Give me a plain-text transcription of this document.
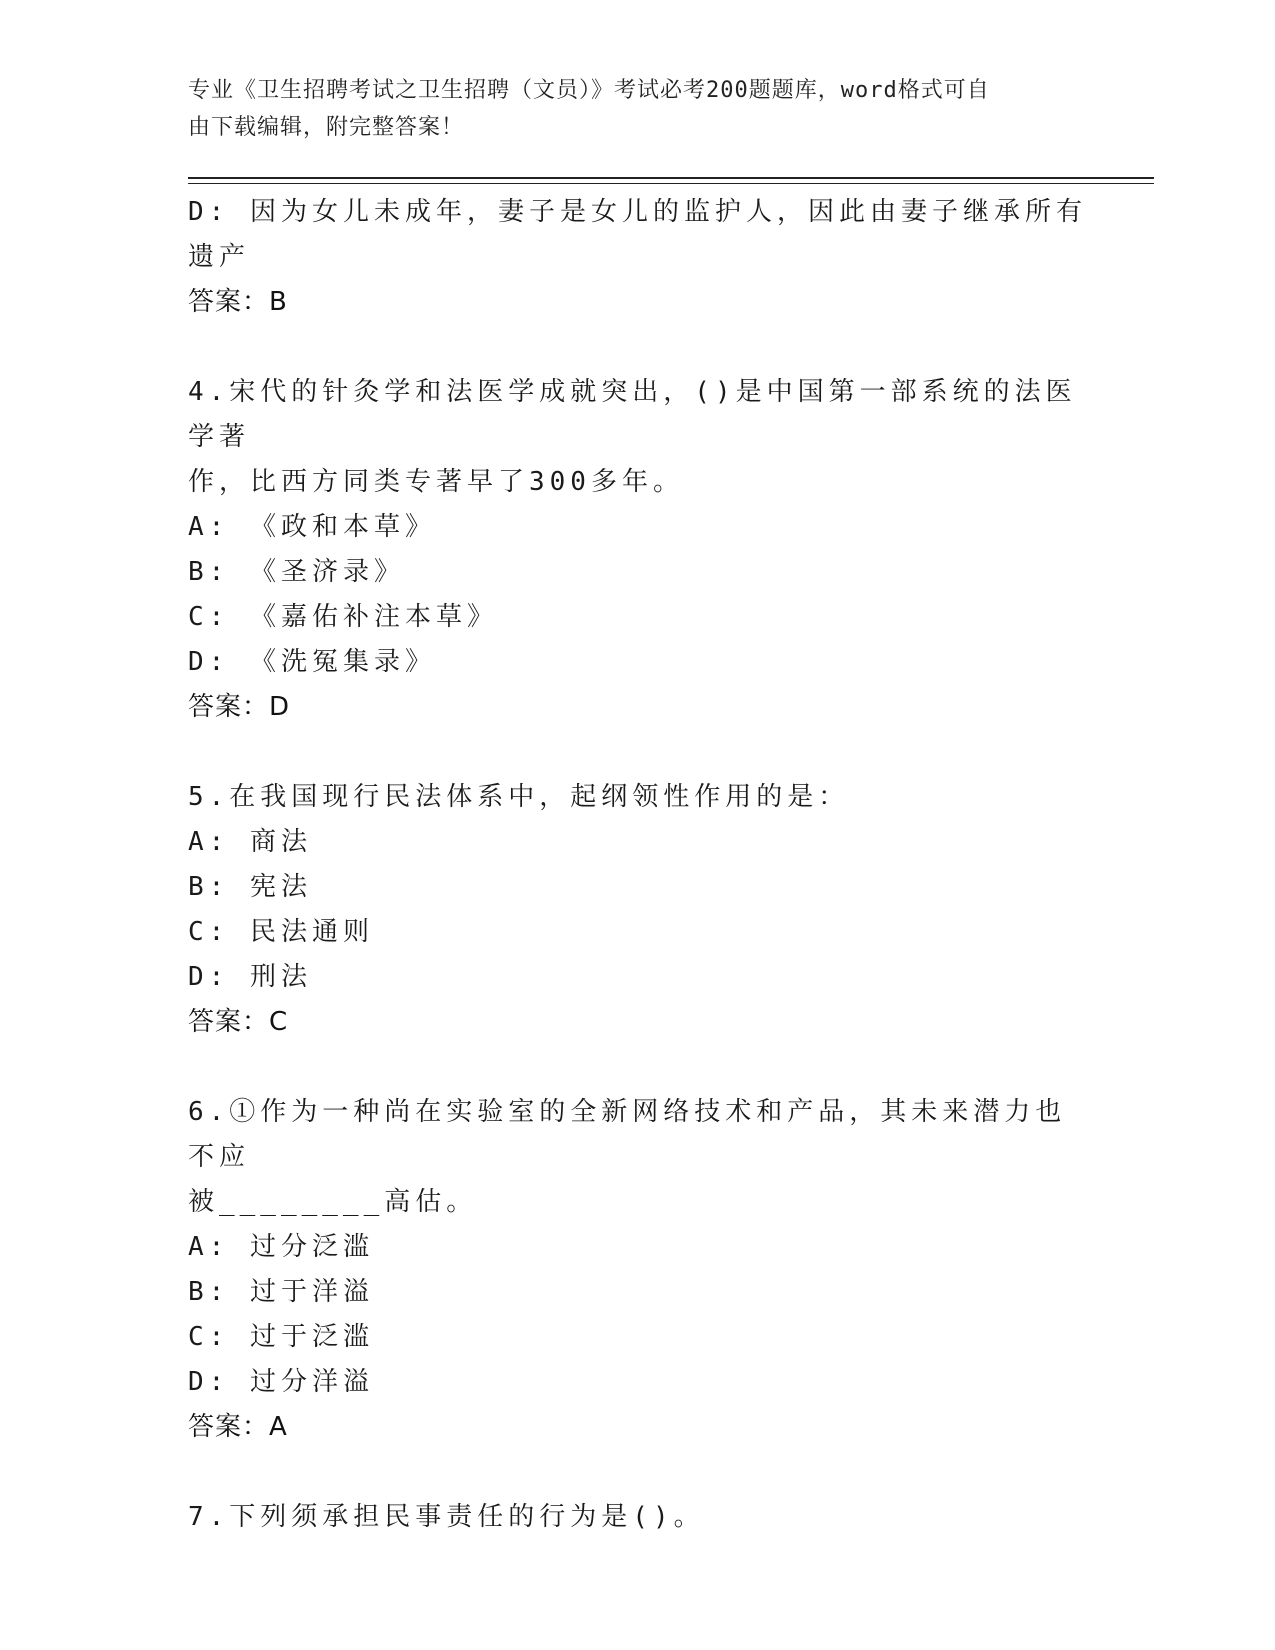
专业《卫生招聘考试之卫生招聘（文员）》考试必考200题题库，word格式可自
由下载编辑，附完整答案！
D: 因为女儿未成年，妻子是女儿的监护人，因此由妻子继承所有遗产
答案：B
4.宋代的针灸学和法医学成就突出，()是中国第一部系统的法医学著
作，比西方同类专著早了300多年。
A: 《政和本草》
B: 《圣济录》
C: 《嘉佑补注本草》
D: 《洗冤集录》
答案：D
5.在我国现行民法体系中，起纲领性作用的是：
A: 商法
B: 宪法
C: 民法通则
D: 刑法
答案：C
6.①作为一种尚在实验室的全新网络技术和产品，其未来潜力也不应
被________高估。
A: 过分泛滥
B: 过于洋溢
C: 过于泛滥
D: 过分洋溢
答案：A
7.下列须承担民事责任的行为是()。
